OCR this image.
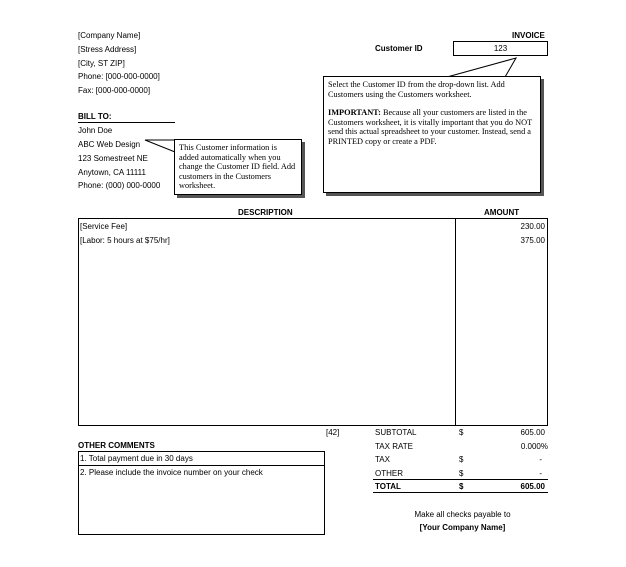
[Company Name]
[Stress Address]
[City, ST ZIP]
Phone: [000-000-0000]
Fax: [000-000-0000]
INVOICE
Customer ID	123

Select the Customer ID from the drop-down list. Add Customers using the Customers worksheet.

IMPORTANT: Because all your customers are listed in the Customers worksheet, it is vitally important that you do NOT send this actual spreadsheet to your customer. Instead, send a PRINTED copy or create a PDF.

BILL TO:
John Doe
ABC Web Design
123 Somestreet NE
Anytown, CA 11111
Phone: (000) 000-0000
This Customer information is added automatically when you change the Customer ID field. Add customers in the Customers worksheet.
DESCRIPTION	AMOUNT
[Service Fee]	230.00
[Labor: 5 hours at $75/hr]	375.00
[42]	SUBTOTAL	$	605.00
TAX RATE	0.000%
TAX	$	-
OTHER	$	-
TOTAL	$	605.00
OTHER COMMENTS
1. Total payment due in 30 days
2. Please include the invoice number on your check
Make all checks payable to
[Your Company Name]
